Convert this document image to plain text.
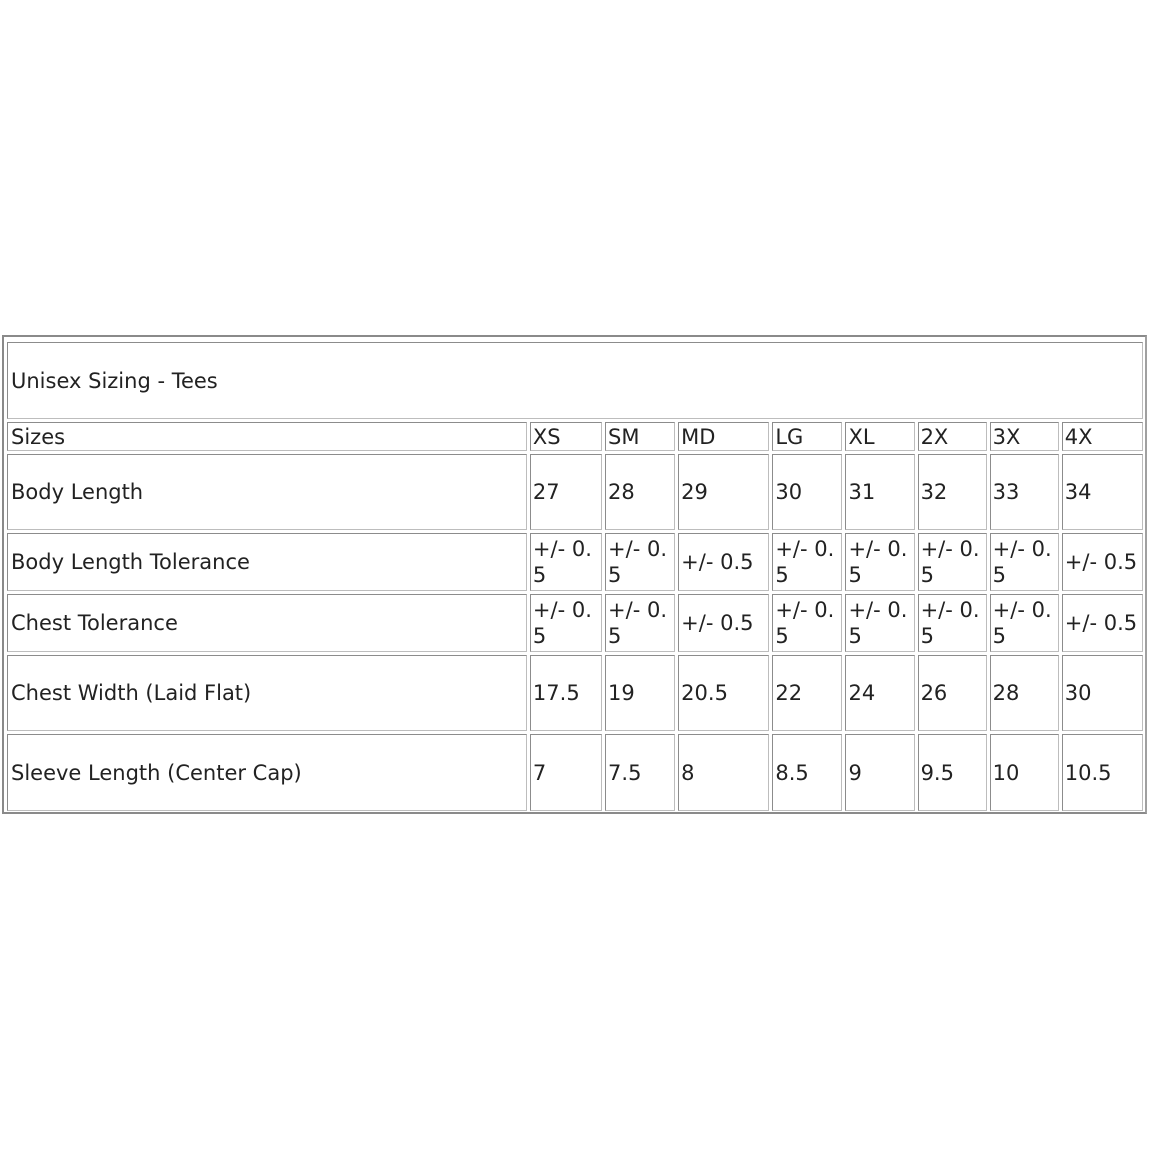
Unisex Sizing - Tees								
Sizes	XS	SM	MD	LG	XL	2X	3X	4X
Body Length	27	28	29	30	31	32	33	34
Body Length Tolerance	+/- 0.5	+/- 0.5	+/- 0.5	+/- 0.5	+/- 0.5	+/- 0.5	+/- 0.5	+/- 0.5
Chest Tolerance	+/- 0.5	+/- 0.5	+/- 0.5	+/- 0.5	+/- 0.5	+/- 0.5	+/- 0.5	+/- 0.5
Chest Width (Laid Flat)	17.5	19	20.5	22	24	26	28	30
Sleeve Length (Center Cap)	7	7.5	8	8.5	9	9.5	10	10.5
